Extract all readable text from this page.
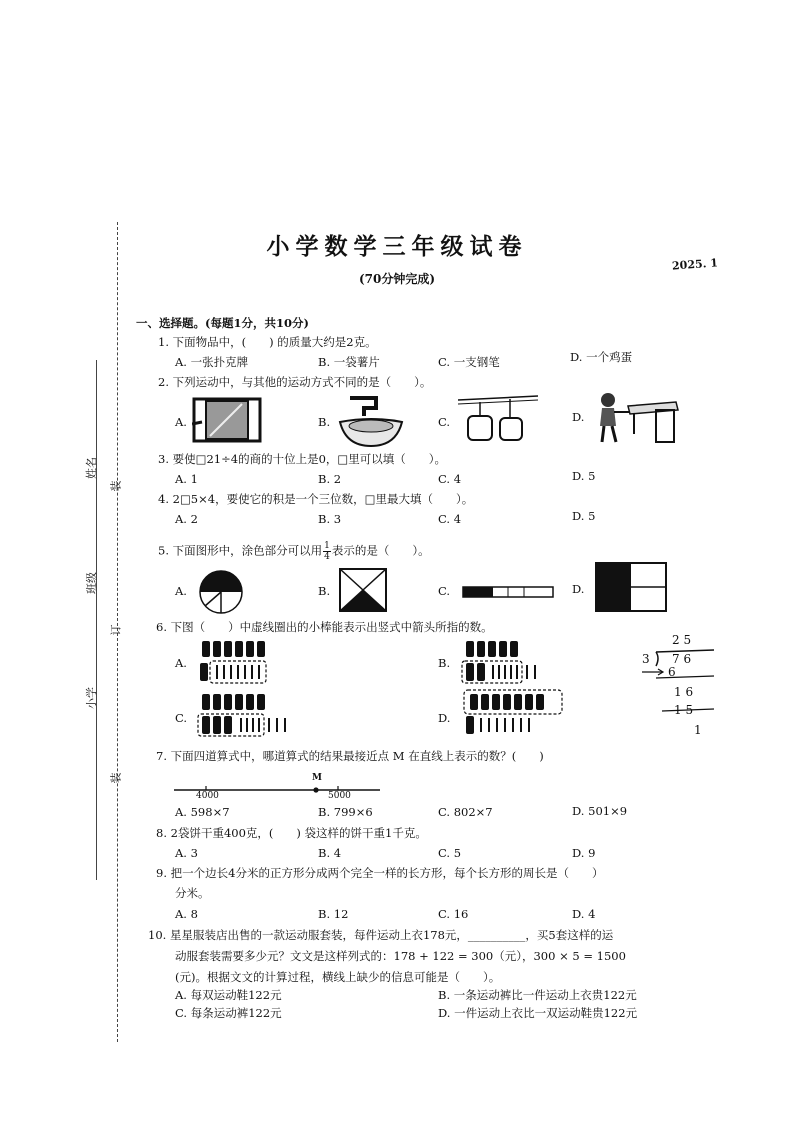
装
订
装
姓名
班级
小学
小学数学三年级试卷
(70分钟完成)
2025. 1
一、选择题。(每题1分，共10分)
1. 下面物品中，(　　) 的质量大约是2克。
A. 一张扑克牌	B. 一袋薯片	C. 一支钢笔	D. 一个鸡蛋
2. 下列运动中，与其他的运动方式不同的是（　　）。
A.	B.	C.	D.
3. 要使□21÷4的商的十位上是0，□里可以填（　　）。
A. 1	B. 2	C. 4	D. 5
4. 2□5×4，要使它的积是一个三位数，□里最大填（　　）。
A. 2	B. 3	C. 4	D. 5
5. 下面图形中，涂色部分可以用 $\frac{1}{4}$ 表示的是（　　）。
A.	B.	C.	D.
6. 下图（　　）中虚线圈出的小棒能表示出竖式中箭头所指的数。
A.	B.
C.	D.
2 5
3 7 6
6
1 6
1 5
1
7. 下面四道算式中，哪道算式的结果最接近点 M 在直线上表示的数？(　　)
M
4000	5000
A. 598×7	B. 799×6	C. 802×7	D. 501×9
8. 2袋饼干重400克，(　　) 袋这样的饼干重1千克。
A. 3	B. 4	C. 5	D. 9
9. 把一个边长4分米的正方形分成两个完全一样的长方形，每个长方形的周长是（　　）
分米。
A. 8	B. 12	C. 16	D. 4
10. 星星服装店出售的一款运动服套装，每件运动上衣178元，__________，买5套这样的运
动服套装需要多少元？文文是这样列式的：178 + 122 = 300（元），300 × 5 = 1500
(元)。根据文文的计算过程，横线上缺少的信息可能是（　　）。
A. 每双运动鞋122元	B. 一条运动裤比一件运动上衣贵122元
C. 每条运动裤122元	D. 一件运动上衣比一双运动鞋贵122元
